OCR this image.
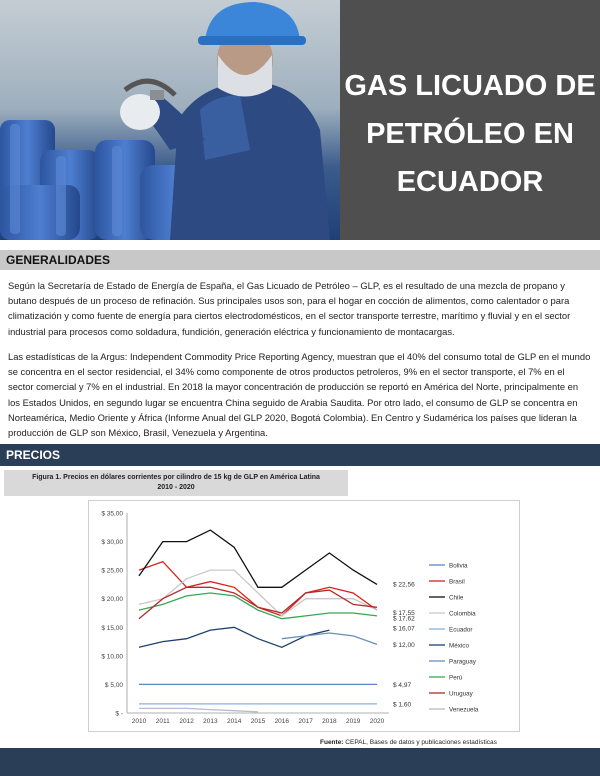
GAS LICUADO DE
PETRÓLEO EN
ECUADOR
GENERALIDADES

Según la Secretaría de Estado de Energía de España, el Gas Licuado de Petróleo – GLP, es el resultado de una mezcla de propano y butano después de un proceso de refinación. Sus principales usos son, para el hogar en cocción de alimentos, como calentador o para climatización y como fuente de energía para ciertos electrodomésticos, en el sector transporte terrestre, marítimo y fluvial y en el sector industrial para procesos como soldadura, fundición, generación eléctrica y funcionamiento de montacargas.

Las estadísticas de la Argus: Independent Commodity Price Reporting Agency, muestran que el 40% del consumo total de GLP en el mundo se concentra en el sector residencial, el 34% como componente de otros productos petroleros, 9% en el sector transporte, el 7% en el sector comercial y 7% en el industrial. En 2018 la mayor concentración de producción se reportó en América del Norte, principalmente en los Estados Unidos, en segundo lugar se encuentra China seguido de Arabia Saudita. Por otro lado, el consumo de GLP se concentra en Norteamérica, Medio Oriente y África (Informe Anual del GLP 2020, Bogotá Colombia). En Centro y Sudamérica los países que lideran la producción de GLP son México, Brasil, Venezuela y Argentina.

PRECIOS
Figura 1. Precios en dólares corrientes por cilindro de 15 kg de GLP en América Latina
2010 - 2020
$ -
$ 5,00
$ 10,00
$ 15,00
$ 20,00
$ 25,00
$ 30,00
$ 35,00
2010 2011 2012 2013 2014 2015 2016 2017 2018 2019 2020
$ 22,56
$ 17,55
$ 17,62
$ 16,07
$ 12,00
$ 4,97
$ 1,60
Bolivia
Brasil
Chile
Colombia
Ecuador
México
Paraguay
Perú
Uruguay
Venezuela
Fuente: CEPAL, Bases de datos y publicaciones estadísticas
